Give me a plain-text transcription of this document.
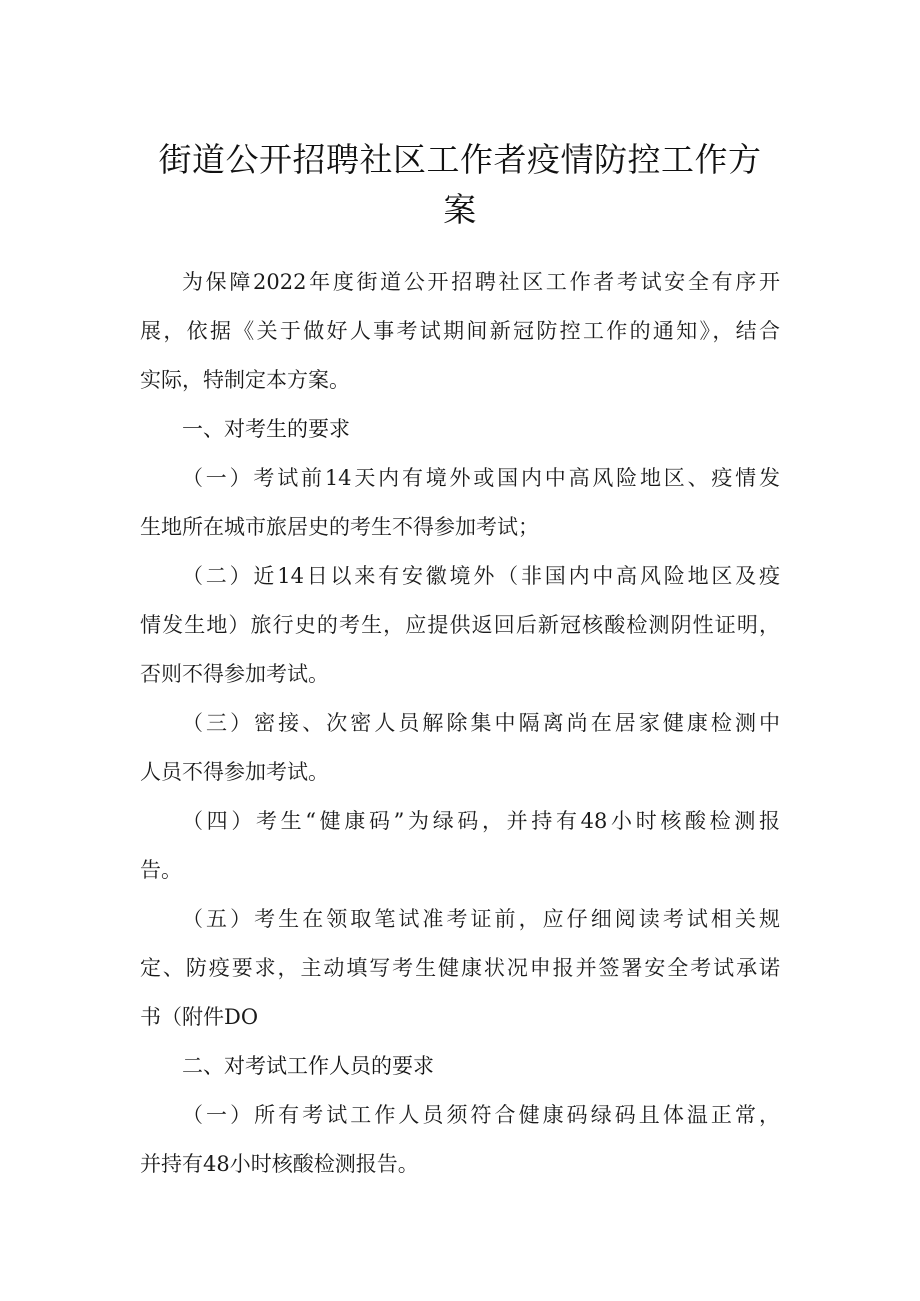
街道公开招聘社区工作者疫情防控工作方
案
为保障2022年度街道公开招聘社区工作者考试安全有序开
展，依据《关于做好人事考试期间新冠防控工作的通知》，结合
实际，特制定本方案。
一、对考生的要求
（一）考试前14天内有境外或国内中高风险地区、疫情发
生地所在城市旅居史的考生不得参加考试；
（二）近14日以来有安徽境外（非国内中高风险地区及疫
情发生地）旅行史的考生，应提供返回后新冠核酸检测阴性证明，
否则不得参加考试。
（三）密接、次密人员解除集中隔离尚在居家健康检测中
人员不得参加考试。
（四）考生“健康码”为绿码，并持有48小时核酸检测报
告。
（五）考生在领取笔试准考证前，应仔细阅读考试相关规
定、防疫要求，主动填写考生健康状况申报并签署安全考试承诺
书（附件DO
二、对考试工作人员的要求
（一）所有考试工作人员须符合健康码绿码且体温正常，
并持有48小时核酸检测报告。
